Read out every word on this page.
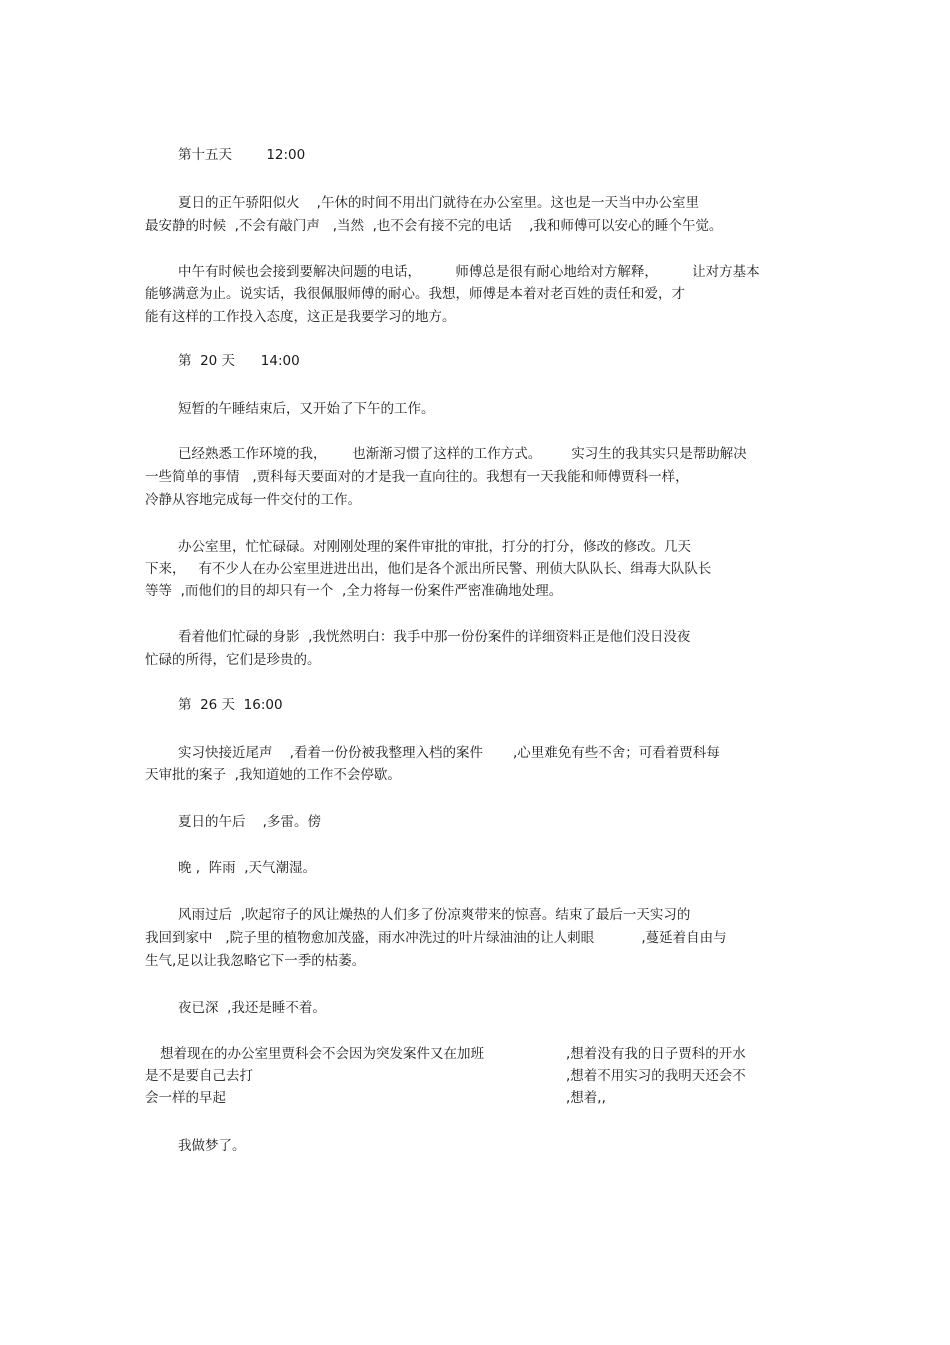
第十五天        12:00
夏日的正午骄阳似火    ,午休的时间不用出门就待在办公室里。这也是一天当中办公室里
最安静的时候  ,不会有敲门声   ,当然  ,也不会有接不完的电话    ,我和师傅可以安心的睡个午觉。
中午有时候也会接到要解决问题的电话，        师傅总是很有耐心地给对方解释，        让对方基本
能够满意为止。说实话，我很佩服师傅的耐心。我想，师傅是本着对老百姓的责任和爱，才
能有这样的工作投入态度，这正是我要学习的地方。
第  20 天      14:00
短暂的午睡结束后，又开始了下午的工作。
已经熟悉工作环境的我，      也渐渐习惯了这样的工作方式。       实习生的我其实只是帮助解决
一些简单的事情   ,贾科每天要面对的才是我一直向往的。我想有一天我能和师傅贾科一样，
冷静从容地完成每一件交付的工作。
办公室里，忙忙碌碌。对刚刚处理的案件审批的审批，打分的打分，修改的修改。几天
下来，   有不少人在办公室里进进出出，他们是各个派出所民警、刑侦大队队长、缉毒大队队长
等等  ,而他们的目的却只有一个  ,全力将每一份案件严密准确地处理。
看着他们忙碌的身影  ,我恍然明白：我手中那一份份案件的详细资料正是他们没日没夜
忙碌的所得，它们是珍贵的。
第  26 天  16:00
实习快接近尾声    ,看着一份份被我整理入档的案件       ,心里难免有些不舍；可看着贾科每
天审批的案子  ,我知道她的工作不会停歇。
夏日的午后    ,多雷。傍
晚 ,  阵雨  ,天气潮湿。
风雨过后  ,吹起帘子的风让燥热的人们多了份凉爽带来的惊喜。结束了最后一天实习的
我回到家中   ,院子里的植物愈加茂盛，雨水冲洗过的叶片绿油油的让人刺眼           ,蔓延着自由与
生气,足以让我忽略它下一季的枯萎。
夜已深  ,我还是睡不着。
想着现在的办公室里贾科会不会因为突发案件又在加班
是不是要自己去打
会一样的早起
,想着没有我的日子贾科的开水
,想着不用实习的我明天还会不
,想着,,
我做梦了。
